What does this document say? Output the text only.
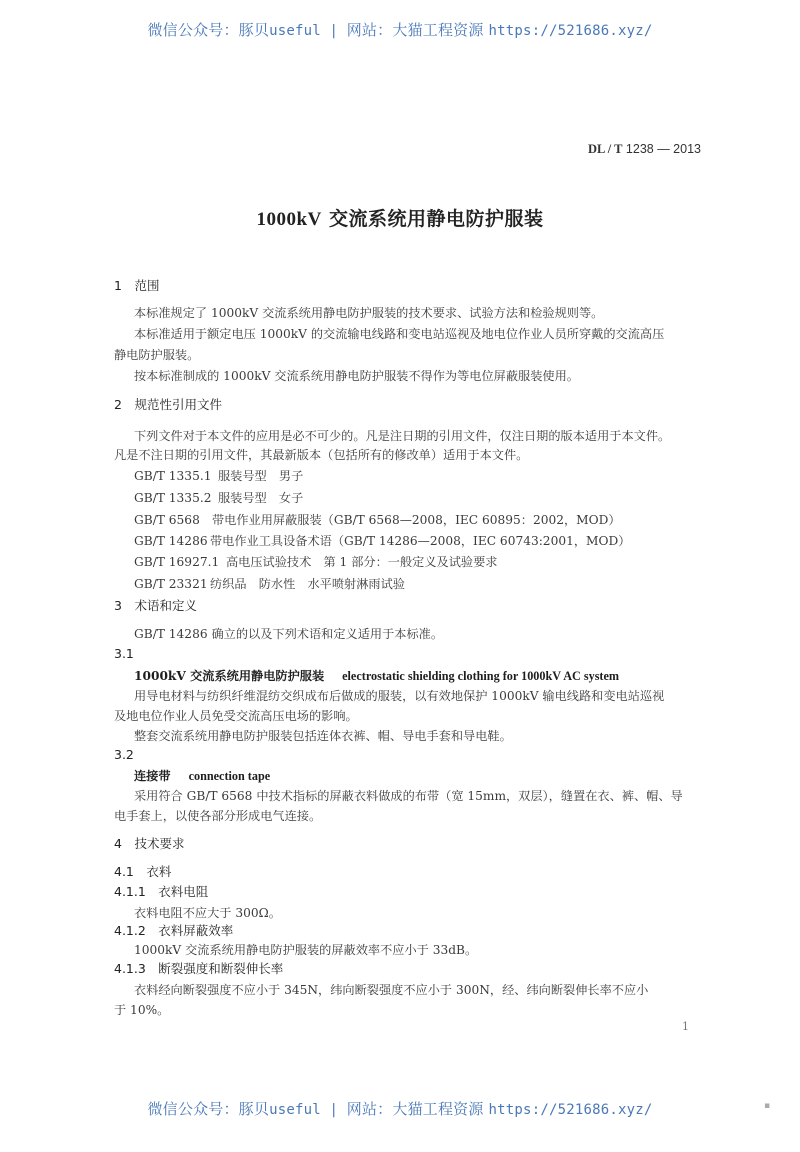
微信公众号：豚贝useful | 网站：大猫工程资源 https://521686.xyz/
DL / T 1238 — 2013
1000kV 交流系统用静电防护服装
1　范围
本标准规定了 1000kV 交流系统用静电防护服装的技术要求、试验方法和检验规则等。
本标准适用于额定电压 1000kV 的交流输电线路和变电站巡视及地电位作业人员所穿戴的交流高压
静电防护服装。
按本标准制成的 1000kV 交流系统用静电防护服装不得作为等电位屏蔽服装使用。
2　规范性引用文件
下列文件对于本文件的应用是必不可少的。凡是注日期的引用文件，仅注日期的版本适用于本文件。
凡是不注日期的引用文件，其最新版本（包括所有的修改单）适用于本文件。
GB/T 1335.1 服装号型　男子
GB/T 1335.2 服装号型　女子
GB/T 6568 带电作业用屏蔽服装（GB/T 6568—2008，IEC 60895：2002，MOD）
GB/T 14286 带电作业工具设备术语（GB/T 14286—2008，IEC 60743:2001，MOD）
GB/T 16927.1 高电压试验技术　第 1 部分：一般定义及试验要求
GB/T 23321 纺织品　防水性　水平喷射淋雨试验
3　术语和定义
GB/T 14286 确立的以及下列术语和定义适用于本标准。
3.1
1000kV 交流系统用静电防护服装 electrostatic shielding clothing for 1000kV AC system
用导电材料与纺织纤维混纺交织成布后做成的服装，以有效地保护 1000kV 输电线路和变电站巡视
及地电位作业人员免受交流高压电场的影响。
整套交流系统用静电防护服装包括连体衣裤、帽、导电手套和导电鞋。
3.2
连接带 connection tape
采用符合 GB/T 6568 中技术指标的屏蔽衣料做成的布带（宽 15mm，双层），缝置在衣、裤、帽、导
电手套上，以使各部分形成电气连接。
4　技术要求
4.1　衣料
4.1.1　衣料电阻
衣料电阻不应大于 300Ω。
4.1.2　衣料屏蔽效率
1000kV 交流系统用静电防护服装的屏蔽效率不应小于 33dB。
4.1.3　断裂强度和断裂伸长率
衣料经向断裂强度不应小于 345N，纬向断裂强度不应小于 300N，经、纬向断裂伸长率不应小
于 10%。
1
微信公众号：豚贝useful | 网站：大猫工程资源 https://521686.xyz/	▪
